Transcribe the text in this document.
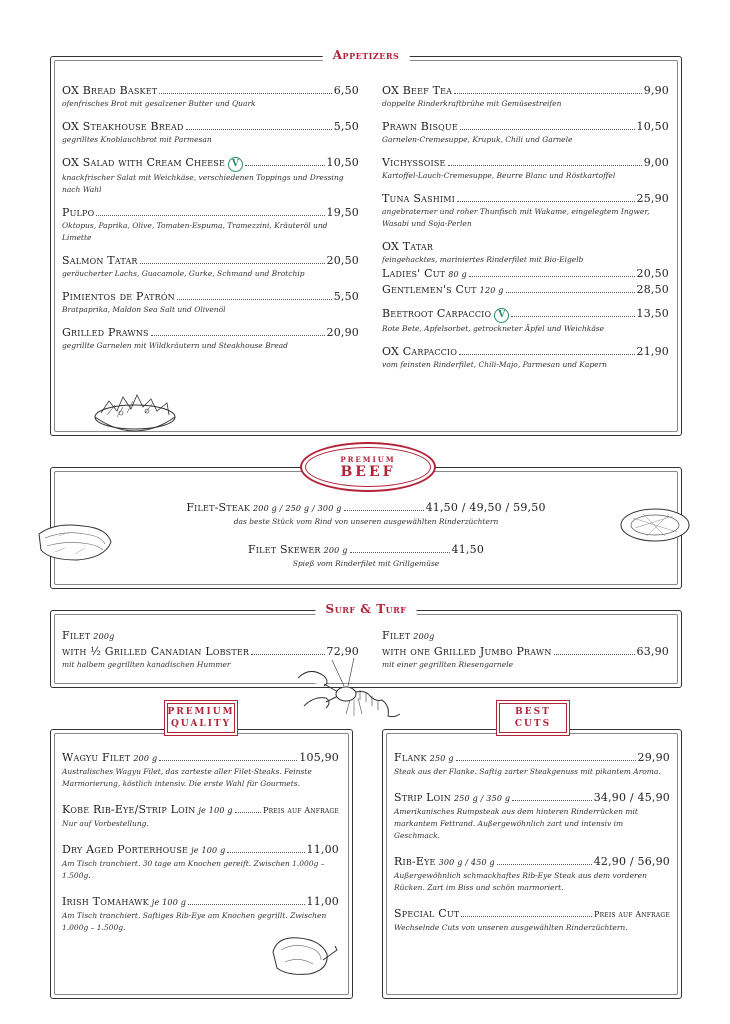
Appetizers
OX Bread Basket	6,50
ofenfrisches Brot mit gesalzener Butter und Quark
OX Steakhouse Bread	5,50
gegrilltes Knoblauchbrot mit Parmesan
OX Salad with Cream Cheese V	10,50
knackfrischer Salat mit Weichkäse, verschiedenen Toppings und Dressing nach Wahl
Pulpo	19,50
Oktopus, Paprika, Olive, Tomaten-Espuma, Tramezzini, Kräuteröl und Limette
Salmon Tatar	20,50
geräucherter Lachs, Guacamole, Gurke, Schmand und Brotchip
Pimientos de Patrón	5,50
Bratpaprika, Maldon Sea Salt und Olivenöl
Grilled Prawns	20,90
gegrillte Garnelen mit Wildkräutern und Steakhouse Bread
OX Beef Tea	9,90
doppelte Rinderkraftbrühe mit Gemüsestreifen
Prawn Bisque	10,50
Garnelen-Cremesuppe, Krupuk, Chili und Garnele
Vichyssoise	9,00
Kartoffel-Lauch-Cremesuppe, Beurre Blanc und Röstkartoffel
Tuna Sashimi	25,90
angebraterner und roher Thunfisch mit Wakame, eingelegtem Ingwer, Wasabi und Soja-Perlen
OX Tatar
feingehacktes, mariniertes Rinderfilet mit Bio-Eigelb
Ladies' Cut 80 g	20,50
Gentlemen's Cut 120 g	28,50
Beetroot Carpaccio V	13,50
Rote Bete, Apfelsorbet, getrockneter Äpfel und Weichkäse
OX Carpaccio	21,90
vom feinsten Rinderfilet, Chili-Majo, Parmesan und Kapern
Filet-Steak 200 g / 250 g / 300 g	41,50 / 49,50 / 59,50
das beste Stück vom Rind von unseren ausgewählten Rinderzüchtern
Filet Skewer 200 g	41,50
Spieß vom Rinderfilet mit Grillgemüse
PREMIUM
BEEF
Surf & Turf
Filet 200g
with ½ Grilled Canadian Lobster	72,90
mit halbem gegrillten kanadischen Hummer
Filet 200g
with one Grilled Jumbo Prawn	63,90
mit einer gegrillten Riesengarnele
Wagyu Filet 200 g	105,90
Australisches Wagyu Filet, das zarteste aller Filet-Steaks. Feinste Marmorierung, köstlich intensiv. Die erste Wahl für Gourmets.
Kobe Rib-Eye/Strip Loin je 100 g	Preis auf Anfrage
Nur auf Vorbestellung.
Dry Aged Porterhouse je 100 g	11,00
Am Tisch tranchiert. 30 tage am Knochen gereift. Zwischen 1.000g – 1.500g.
Irish Tomahawk je 100 g	11,00
Am Tisch tranchiert. Saftiges Rib-Eye am Knochen gegrillt. Zwischen 1.000g – 1.500g.
PREMIUM
QUALITY
Flank 250 g	29,90
Steak aus der Flanke. Saftig zarter Steakgenuss mit pikantem Aroma.
Strip Loin 250 g / 350 g	34,90 / 45,90
Amerikanisches Rumpsteak aus dem hinteren Rinderrücken mit markantem Fettrand. Außergewöhnlich zart und intensiv im Geschmack.
Rib-Eye 300 g / 450 g	42,90 / 56,90
Außergewöhnlich schmackhaftes Rib-Eye Steak aus dem vorderen Rücken. Zart im Biss und schön marmoriert.
Special Cut	Preis auf Anfrage
Wechselnde Cuts von unseren ausgewählten Rinderzüchtern.
BEST
CUTS
